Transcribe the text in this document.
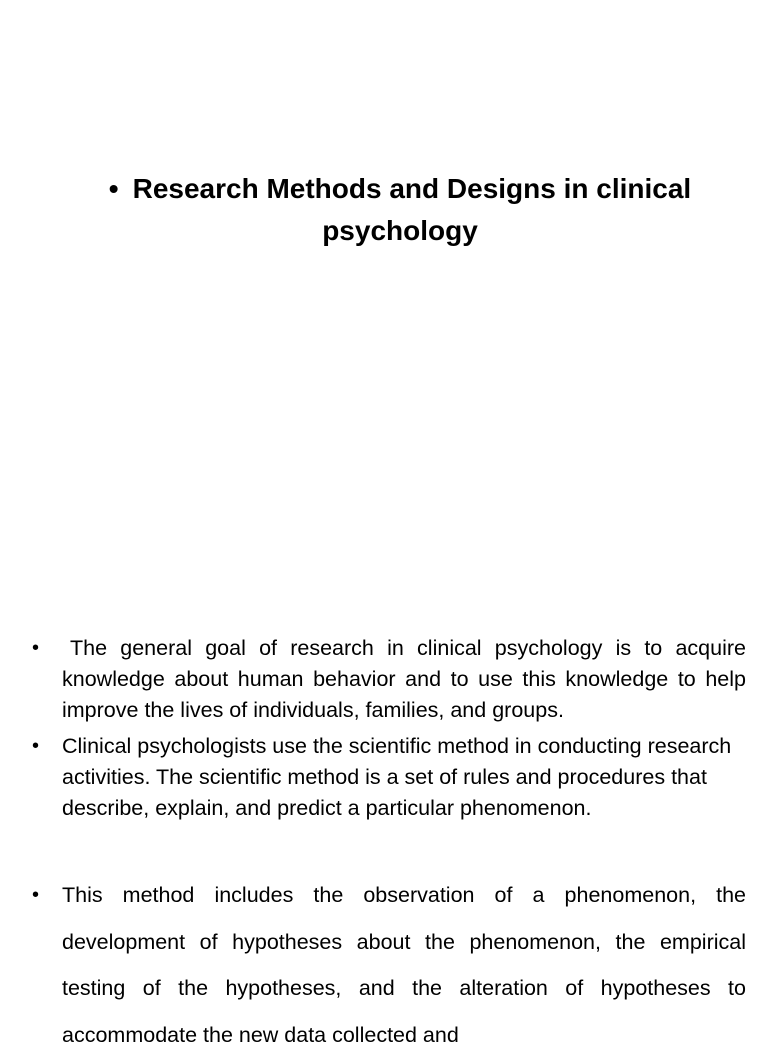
• Research Methods and Designs in clinical
psychology
•	The general goal of research in clinical psychology is to acquire knowledge about human behavior and to use this knowledge to help improve the lives of individuals, families, and groups.
• Clinical psychologists use the scientific method in conducting research activities. The scientific method is a set of rules and procedures that describe, explain, and predict a particular phenomenon.
• This method includes the observation of a phenomenon, the development of hypotheses about the phenomenon, the empirical testing of the hypotheses, and the alteration of hypotheses to accommodate the new data collected and
